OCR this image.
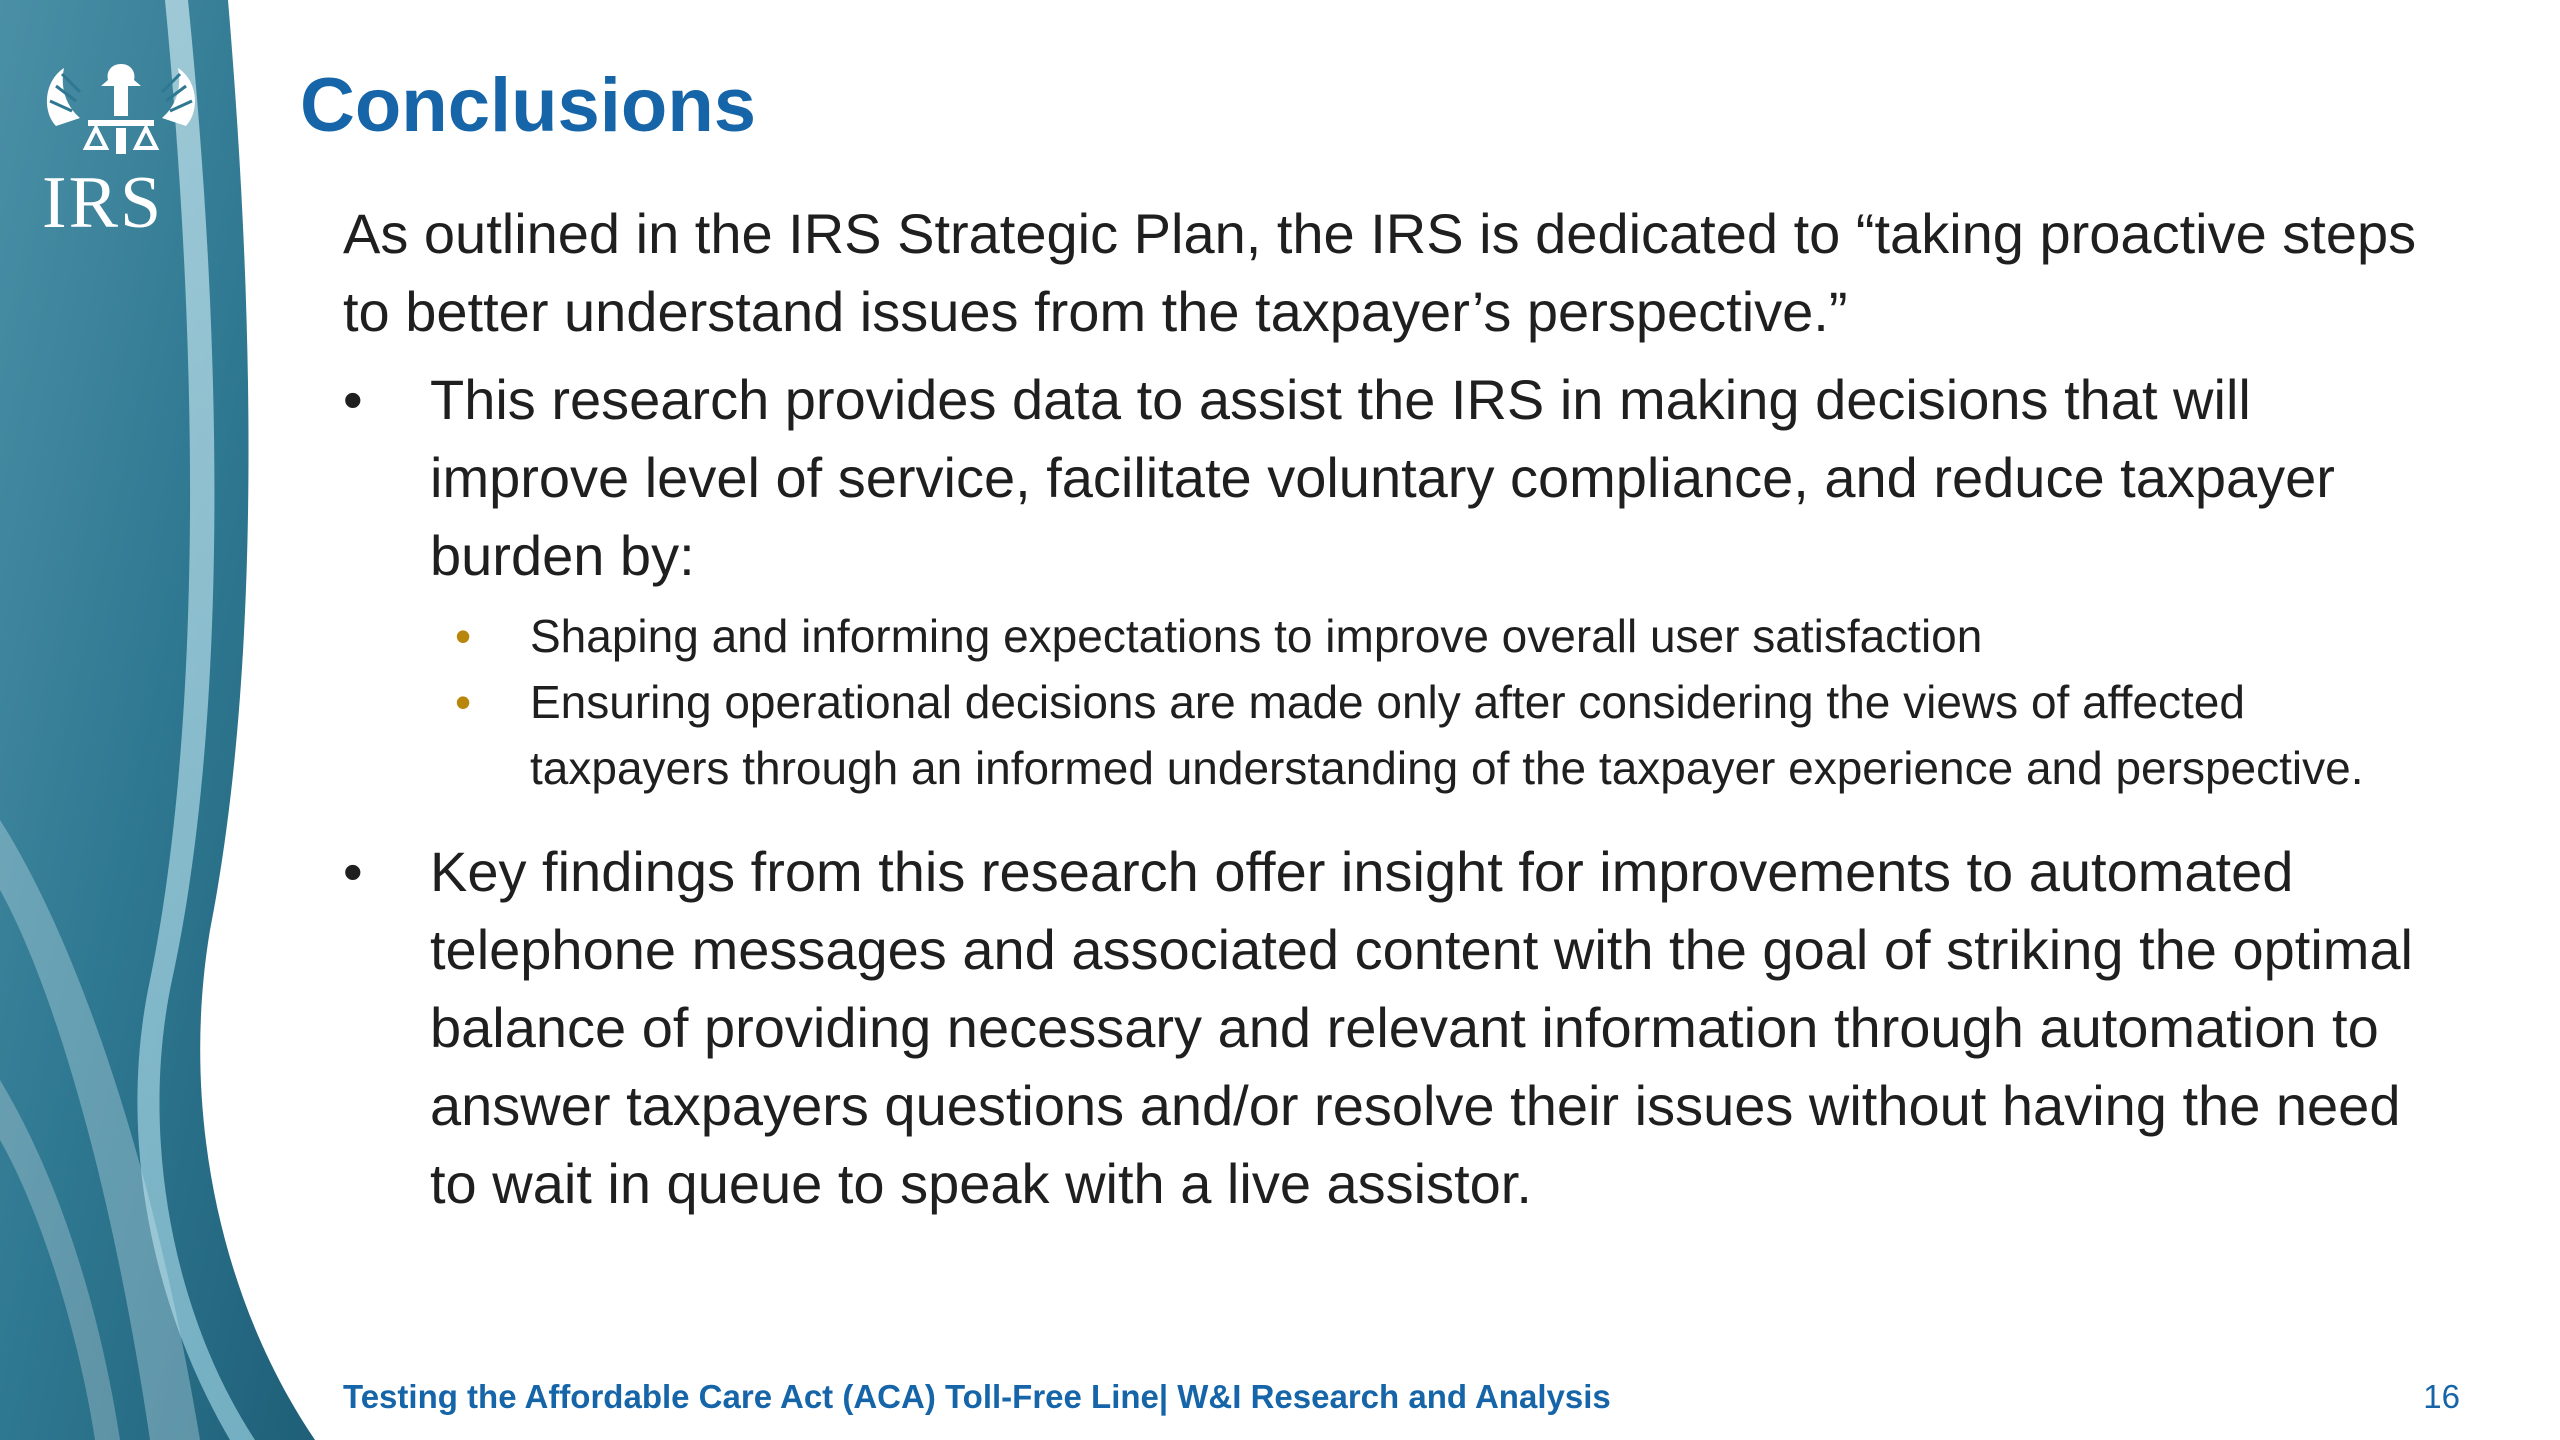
IRS
Conclusions

As outlined in the IRS Strategic Plan, the IRS is dedicated to “taking proactive steps to better understand issues from the taxpayer’s perspective.”

•	This research provides data to assist the IRS in making decisions that will improve level of service, facilitate voluntary compliance, and reduce taxpayer burden by:
• Shaping and informing expectations to improve overall user satisfaction
• Ensuring operational decisions are made only after considering the views of affected taxpayers through an informed understanding of the taxpayer experience and perspective.
•	Key findings from this research offer insight for improvements to automated telephone messages and associated content with the goal of striking the optimal balance of providing necessary and relevant information through automation to answer taxpayers questions and/or resolve their issues without having the need to wait in queue to speak with a live assistor.
Testing the Affordable Care Act (ACA) Toll-Free Line| W&I Research and Analysis	16
